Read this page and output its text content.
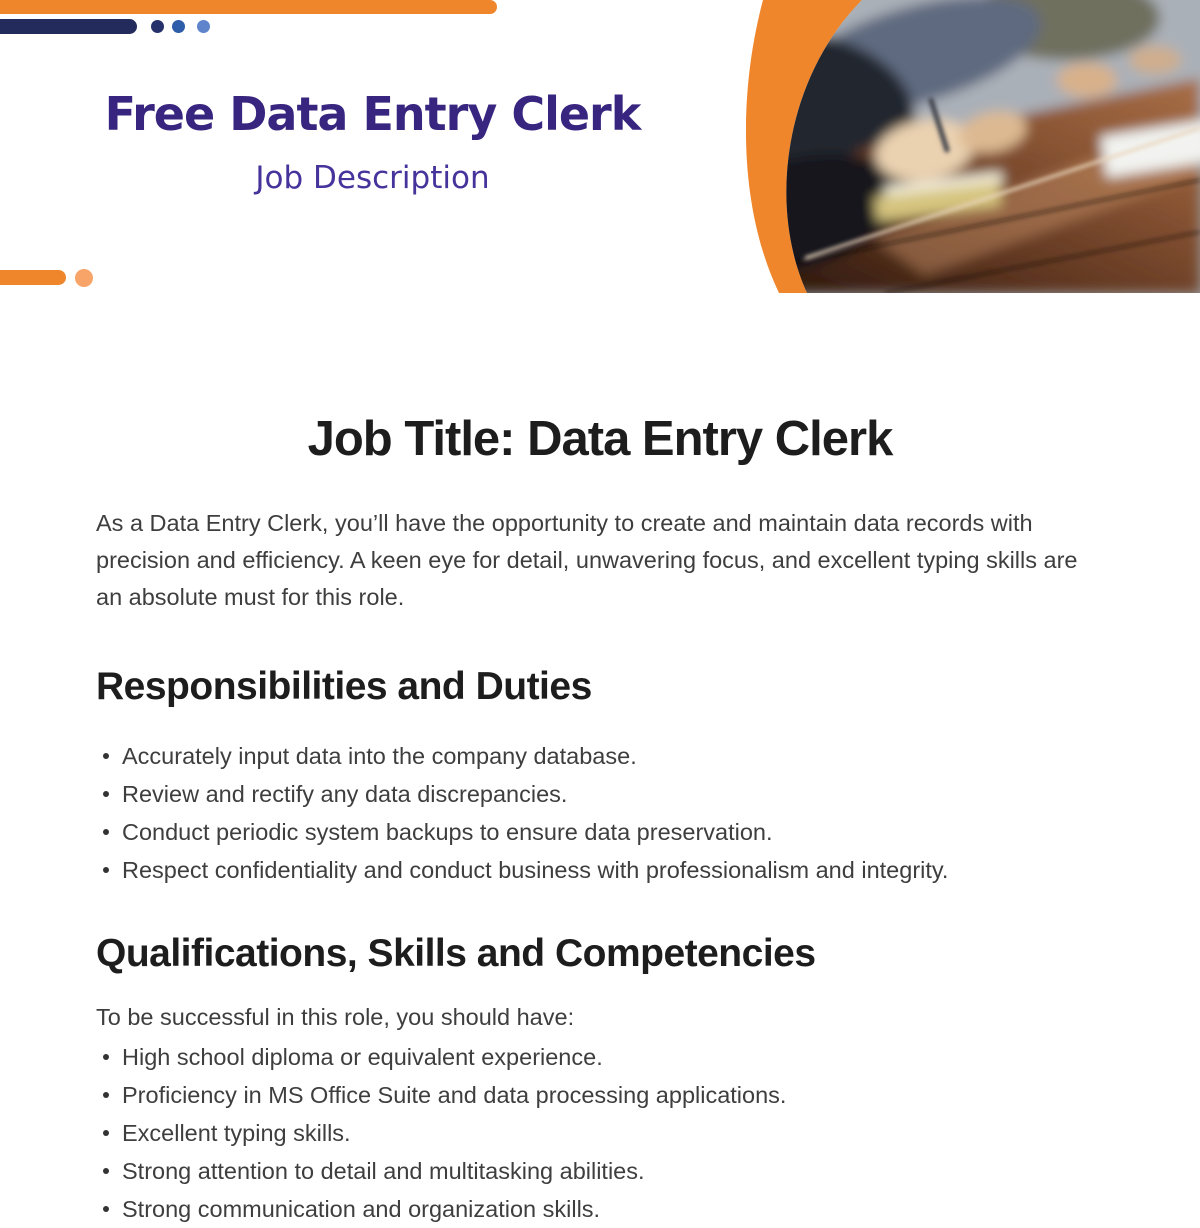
Free Data Entry Clerk
Job Description
Job Title: Data Entry Clerk

As a Data Entry Clerk, you’ll have the opportunity to create and maintain data records with precision and efficiency. A keen eye for detail, unwavering focus, and excellent typing skills are an absolute must for this role.

Responsibilities and Duties
Accurately input data into the company database.
Review and rectify any data discrepancies.
Conduct periodic system backups to ensure data preservation.
Respect confidentiality and conduct business with professionalism and integrity.
Qualifications, Skills and Competencies

To be successful in this role, you should have:

High school diploma or equivalent experience.
Proficiency in MS Office Suite and data processing applications.
Excellent typing skills.
Strong attention to detail and multitasking abilities.
Strong communication and organization skills.
